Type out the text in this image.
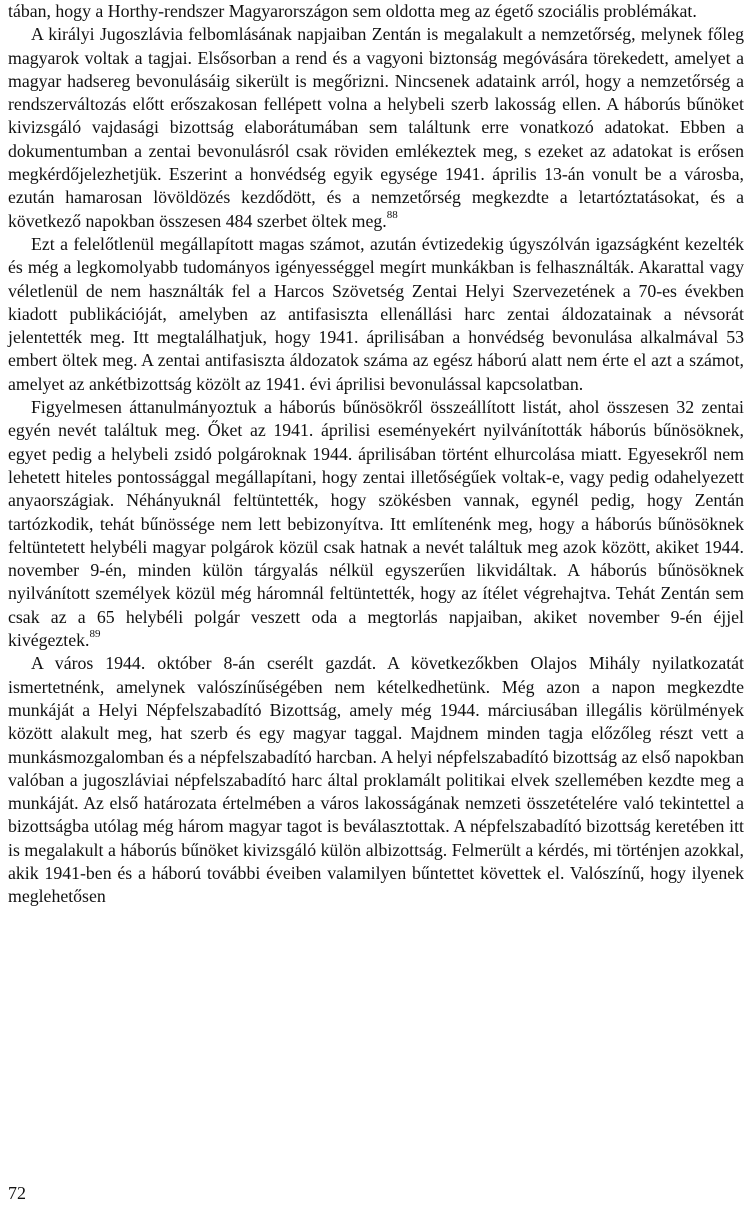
tában, hogy a Horthy-rendszer Magyarországon sem oldotta meg az égető szociális problémákat.

A királyi Jugoszlávia felbomlásának napjaiban Zentán is megalakult a nemzetőrség, melynek főleg magyarok voltak a tagjai. Elsősorban a rend és a vagyoni biztonság megóvására törekedett, amelyet a magyar hadsereg bevonulásáig sikerült is megőrizni. Nincsenek adataink arról, hogy a nemzetőrség a rendszerváltozás előtt erőszakosan fellépett volna a helybeli szerb lakosság ellen. A háborús bűnöket kivizsgáló vajdasági bizottság elaborátumában sem találtunk erre vonatkozó adatokat. Ebben a dokumentumban a zentai bevonulásról csak röviden emlékeztek meg, s ezeket az adatokat is erősen megkérdőjelezhetjük. Eszerint a honvédség egyik egysége 1941. április 13-án vonult be a városba, ezután hamarosan lövöldözés kezdődött, és a nemzetőrség megkezdte a letartóztatásokat, és a következő napokban összesen 484 szerbet öltek meg.$^{88}$

Ezt a felelőtlenül megállapított magas számot, azután évtizedekig úgyszólván igazságként kezelték és még a legkomolyabb tudományos igényességgel megírt munkákban is felhasználták. Akarattal vagy véletlenül de nem használták fel a Harcos Szövetség Zentai Helyi Szervezetének a 70-es években kiadott publikációját, amelyben az antifasiszta ellenállási harc zentai áldozatainak a névsorát jelentették meg. Itt megtalálhatjuk, hogy 1941. áprilisában a honvédség bevonulása alkalmával 53 embert öltek meg. A zentai antifasiszta áldozatok száma az egész háború alatt nem érte el azt a számot, amelyet az ankétbizottság közölt az 1941. évi áprilisi bevonulással kapcsolatban.

Figyelmesen áttanulmányoztuk a háborús bűnösökről összeállított listát, ahol összesen 32 zentai egyén nevét találtuk meg. Őket az 1941. áprilisi eseményekért nyilvánították háborús bűnösöknek, egyet pedig a helybeli zsidó polgároknak 1944. áprilisában történt elhurcolása miatt. Egyesekről nem lehetett hiteles pontossággal megállapítani, hogy zentai illetőségűek voltak-e, vagy pedig odahelyezett anyaországiak. Néhányuknál feltüntették, hogy szökésben vannak, egynél pedig, hogy Zentán tartózkodik, tehát bűnössége nem lett bebizonyítva. Itt említenénk meg, hogy a háborús bűnösöknek feltüntetett helybéli magyar polgárok közül csak hatnak a nevét találtuk meg azok között, akiket 1944. november 9-én, minden külön tárgyalás nélkül egyszerűen likvidáltak. A háborús bűnösöknek nyilvánított személyek közül még háromnál feltüntették, hogy az ítélet végrehajtva. Tehát Zentán sem csak az a 65 helybéli polgár veszett oda a megtorlás napjaiban, akiket november 9-én éjjel kivégeztek.$^{89}$

A város 1944. október 8-án cserélt gazdát. A következőkben Olajos Mihály nyilatkozatát ismertetnénk, amelynek valószínűségében nem kételkedhetünk. Még azon a napon megkezdte munkáját a Helyi Népfelszabadító Bizottság, amely még 1944. márciusában illegális körülmények között alakult meg, hat szerb és egy magyar taggal. Majdnem minden tagja előzőleg részt vett a munkásmozgalomban és a népfelszabadító harcban. A helyi népfelszabadító bizottság az első napokban valóban a jugoszláviai népfelszabadító harc által proklamált politikai elvek szellemében kezdte meg a munkáját. Az első határozata értelmében a város lakosságának nemzeti összetételére való tekintettel a bizottságba utólag még három magyar tagot is beválasztottak. A népfelszabadító bizottság keretében itt is megalakult a háborús bűnöket kivizsgáló külön albizottság. Felmerült a kérdés, mi történjen azokkal, akik 1941-ben és a háború további éveiben valamilyen bűntettet követtek el. Valószínű, hogy ilyenek meglehetősen

72
